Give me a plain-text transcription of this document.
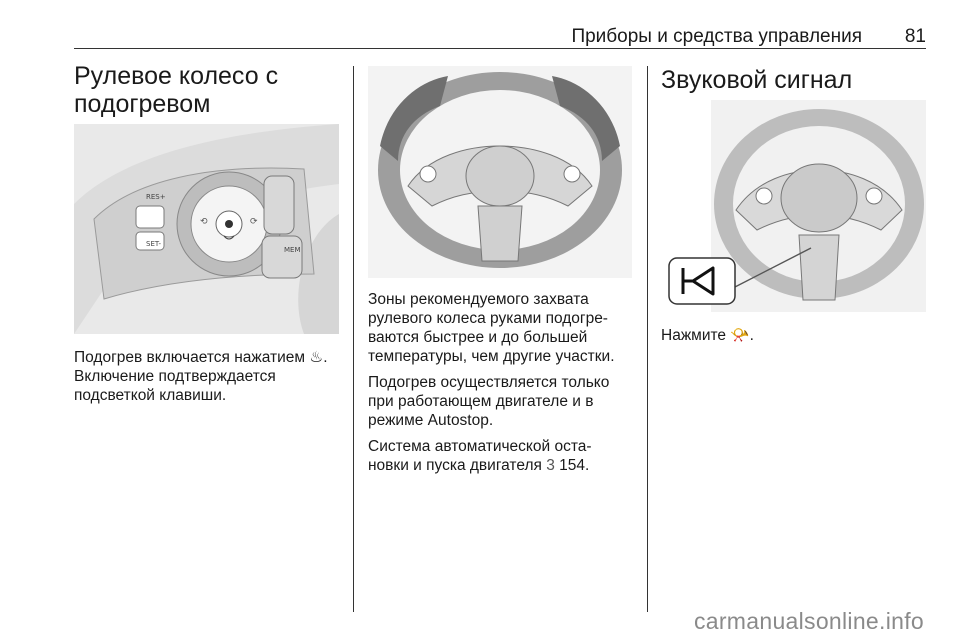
Приборы и средства управления 81
Рулевое колесо с
подогревом
⟲	⟳
RES+
SET-
MEM

Подогрев включается нажатием ♨.
Включение подтверждается
подсветкой клавиши.

Зоны рекомендуемого захвата
рулевого колеса руками подогре-
ваются быстрее и до большей
температуры, чем другие участки.

Подогрев осуществляется только
при работающем двигателе и в
режиме Autostop.

Система автоматической оста-
новки и пуска двигателя 3 154.

Звуковой сигнал

Нажмите 📯.

carmanualsonline.info
